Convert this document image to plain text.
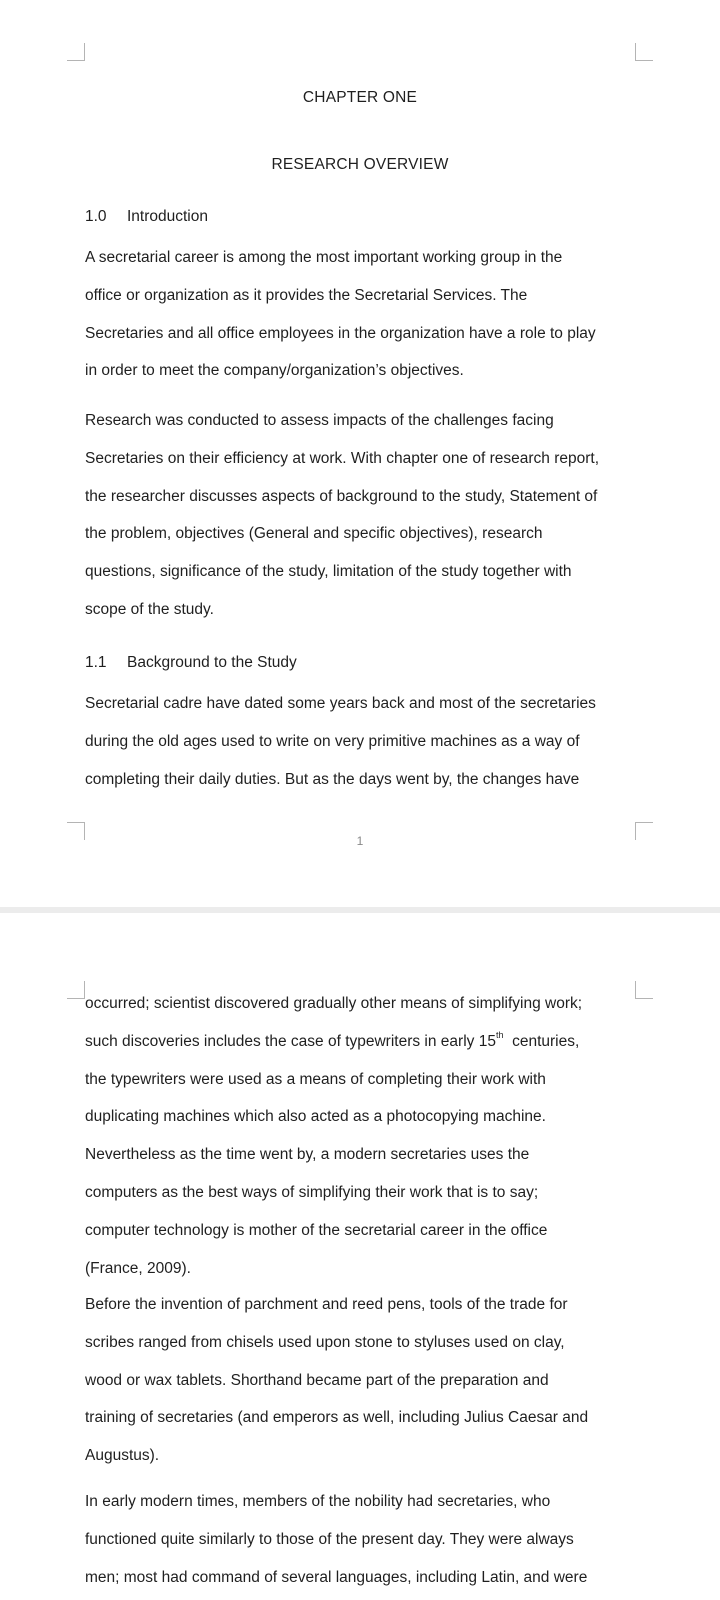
CHAPTER ONE
RESEARCH OVERVIEW
1.0 Introduction

A secretarial career is among the most important working group in the
office or organization as it provides the Secretarial Services. The
Secretaries and all office employees in the organization have a role to play
in order to meet the company/organization’s objectives.

Research was conducted to assess impacts of the challenges facing
Secretaries on their efficiency at work. With chapter one of research report,
the researcher discusses aspects of background to the study, Statement of
the problem, objectives (General and specific objectives), research
questions, significance of the study, limitation of the study together with
scope of the study.

1.1 Background to the Study

Secretarial cadre have dated some years back and most of the secretaries
during the old ages used to write on very primitive machines as a way of
completing their daily duties. But as the days went by, the changes have

1

occurred; scientist discovered gradually other means of simplifying work;
such discoveries includes the case of typewriters in early 15th  centuries,
the typewriters were used as a means of completing their work with
duplicating machines which also acted as a photocopying machine.
Nevertheless as the time went by, a modern secretaries uses the
computers as the best ways of simplifying their work that is to say;
computer technology is mother of the secretarial career in the office
(France, 2009).

Before the invention of parchment and reed pens, tools of the trade for
scribes ranged from chisels used upon stone to styluses used on clay,
wood or wax tablets. Shorthand became part of the preparation and
training of secretaries (and emperors as well, including Julius Caesar and
Augustus).

In early modern times, members of the nobility had secretaries, who
functioned quite similarly to those of the present day. They were always
men; most had command of several languages, including Latin, and were
